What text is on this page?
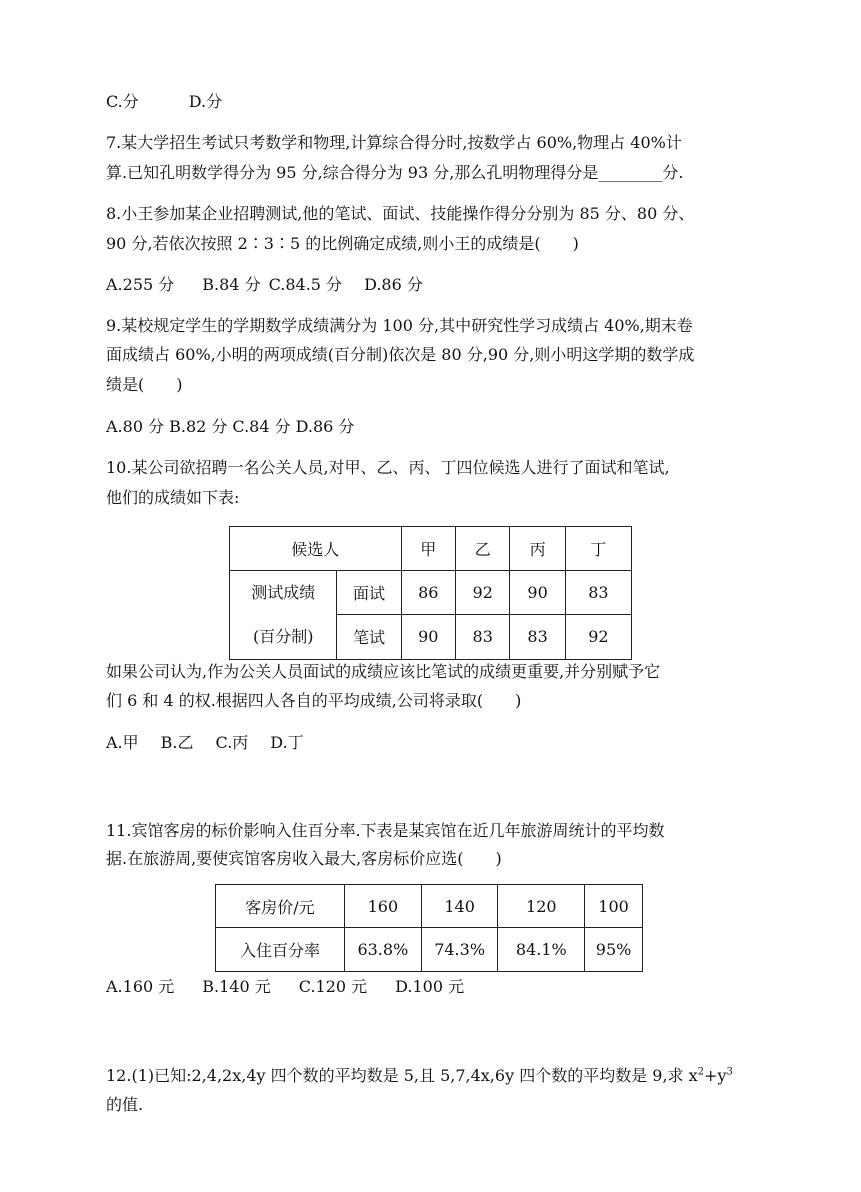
C.分	D.分
7.某大学招生考试只考数学和物理,计算综合得分时,按数学占 60%,物理占 40%计
算.已知孔明数学得分为 95 分,综合得分为 93 分,那么孔明物理得分是________分.
8.小王参加某企业招聘测试,他的笔试、面试、技能操作得分分别为 85 分、80 分、
90 分,若依次按照 2∶3∶5 的比例确定成绩,则小王的成绩是(　　)
A.255 分 B.84 分 C.84.5 分 D.86 分
9.某校规定学生的学期数学成绩满分为 100 分,其中研究性学习成绩占 40%,期末卷
面成绩占 60%,小明的两项成绩(百分制)依次是 80 分,90 分,则小明这学期的数学成
绩是(　　)
A.80 分 B.82 分 C.84 分 D.86 分
10.某公司欲招聘一名公关人员,对甲、乙、丙、丁四位候选人进行了面试和笔试,
他们的成绩如下表:
候选人		甲	乙	丙	丁

测试成绩
(百分制)	面试	86	92	90	83
	笔试	90	83	83	92
如果公司认为,作为公关人员面试的成绩应该比笔试的成绩更重要,并分别赋予它
们 6 和 4 的权.根据四人各自的平均成绩,公司将录取(　　)
A.甲 B.乙 C.丙 D.丁
11.宾馆客房的标价影响入住百分率.下表是某宾馆在近几年旅游周统计的平均数
据.在旅游周,要使宾馆客房收入最大,客房标价应选(　　)
客房价/元	160	140	120	100
入住百分率	63.8%	74.3%	84.1%	95%
A.160 元 B.140 元 C.120 元 D.100 元
12.(1)已知:2,4,2x,4y 四个数的平均数是 5,且 5,7,4x,6y 四个数的平均数是 9,求 $x^2+y^3$
的值.
